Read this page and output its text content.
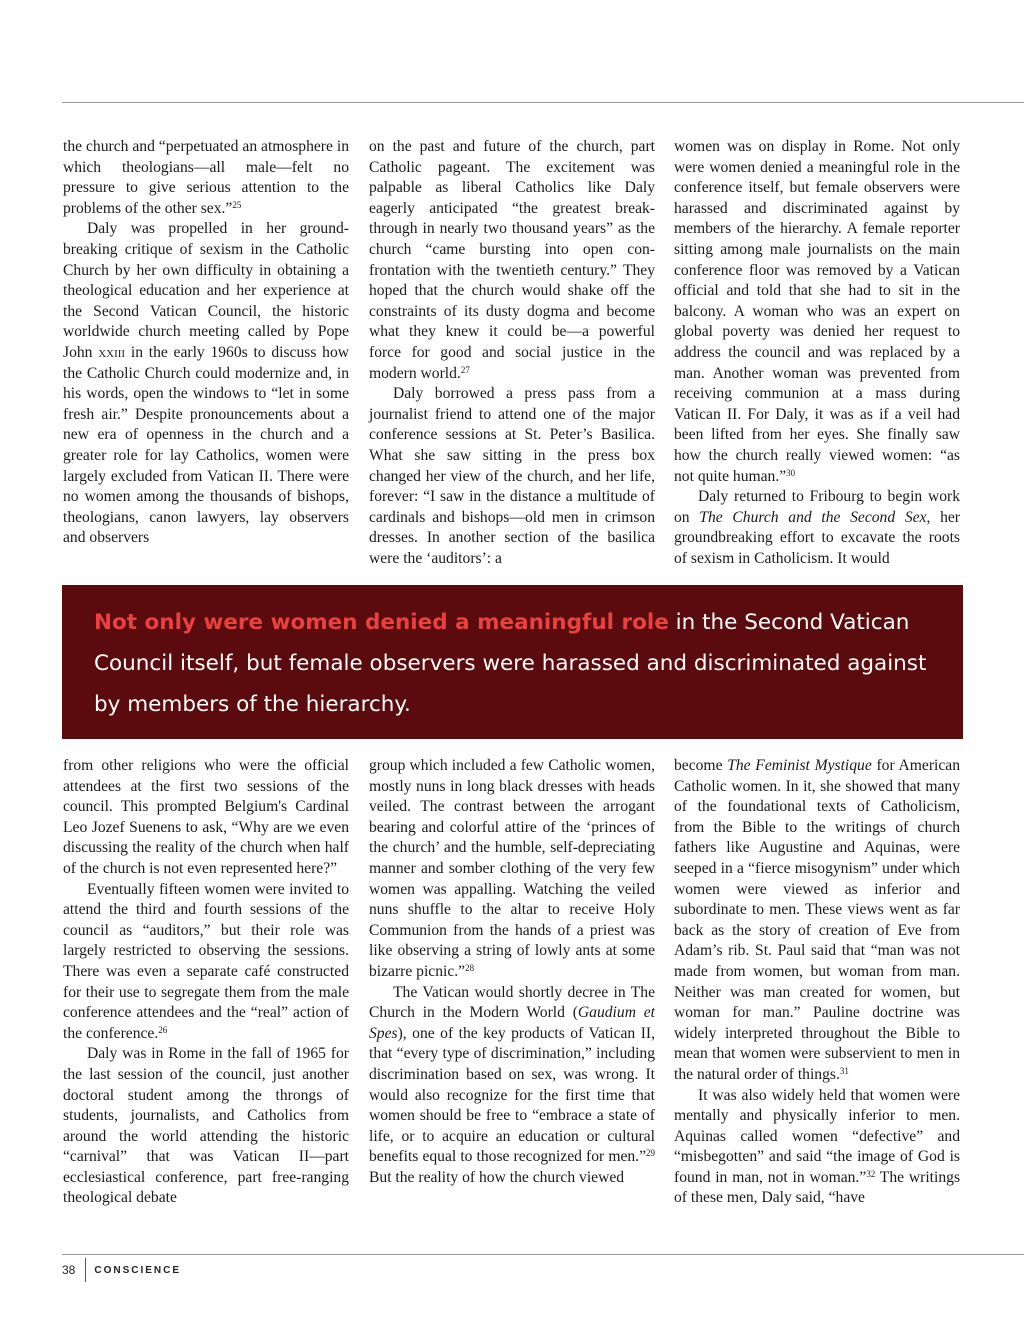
the church and “perpetuated an atmosphere in which theologians—all male—felt no pressure to give serious attention to the problems of the other sex.”$^{25}$

Daly was propelled in her groundbreaking critique of sexism in the Catholic Church by her own difficulty in obtaining a theological education and her experience at the Second Vatican Council, the historic worldwide church meeting called by Pope John xxiii in the early 1960s to discuss how the Catholic Church could modernize and, in his words, open the windows to “let in some fresh air.” Despite pronouncements about a new era of openness in the church and a greater role for lay Catholics, women were largely excluded from Vatican II. There were no women among the thousands of bishops, theologians, canon lawyers, lay observers and observers

on the past and future of the church, part Catholic pageant. The excitement was palpable as liberal Catholics like Daly eagerly anticipated “the greatest breakthrough in nearly two thousand years” as the church “came bursting into open confrontation with the twentieth century.” They hoped that the church would shake off the constraints of its dusty dogma and become what they knew it could be—a powerful force for good and social justice in the modern world.$^{27}$

Daly borrowed a press pass from a journalist friend to attend one of the major conference sessions at St. Peter’s Basilica. What she saw sitting in the press box changed her view of the church, and her life, forever: “I saw in the distance a multitude of cardinals and bishops—old men in crimson dresses. In another section of the basilica were the ‘auditors’: a

women was on display in Rome. Not only were women denied a meaningful role in the conference itself, but female observers were harassed and discriminated against by members of the hierarchy. A female reporter sitting among male journalists on the main conference floor was removed by a Vatican official and told that she had to sit in the balcony. A woman who was an expert on global poverty was denied her request to address the council and was replaced by a man. Another woman was prevented from receiving communion at a mass during Vatican II. For Daly, it was as if a veil had been lifted from her eyes. She finally saw how the church really viewed women: “as not quite human.”$^{30}$

Daly returned to Fribourg to begin work on The Church and the Second Sex, her groundbreaking effort to excavate the roots of sexism in Catholicism. It would

Not only were women denied a meaningful role in the Second Vatican Council itself, but female observers were harassed and discriminated against by members of the hierarchy.

from other religions who were the official attendees at the first two sessions of the council. This prompted Belgium's Cardinal Leo Jozef Suenens to ask, “Why are we even discussing the reality of the church when half of the church is not even represented here?”

Eventually fifteen women were invited to attend the third and fourth sessions of the council as “auditors,” but their role was largely restricted to observing the sessions. There was even a separate café constructed for their use to segregate them from the male conference attendees and the “real” action of the conference.$^{26}$

Daly was in Rome in the fall of 1965 for the last session of the council, just another doctoral student among the throngs of students, journalists, and Catholics from around the world attending the historic “carnival” that was Vatican II—part ecclesiastical conference, part free-ranging theological debate

group which included a few Catholic women, mostly nuns in long black dresses with heads veiled. The contrast between the arrogant bearing and colorful attire of the ‘princes of the church’ and the humble, self-depreciating manner and somber clothing of the very few women was appalling. Watching the veiled nuns shuffle to the altar to receive Holy Communion from the hands of a priest was like observing a string of lowly ants at some bizarre picnic.”$^{28}$

The Vatican would shortly decree in The Church in the Modern World (Gaudium et Spes), one of the key products of Vatican II, that “every type of discrimination,” including discrimination based on sex, was wrong. It would also recognize for the first time that women should be free to “embrace a state of life, or to acquire an education or cultural benefits equal to those recognized for men.”$^{29}$ But the reality of how the church viewed

become The Feminist Mystique for American Catholic women. In it, she showed that many of the foundational texts of Catholicism, from the Bible to the writings of church fathers like Augustine and Aquinas, were seeped in a “fierce misogynism” under which women were viewed as inferior and subordinate to men. These views went as far back as the story of creation of Eve from Adam’s rib. St. Paul said that “man was not made from women, but woman from man. Neither was man created for women, but woman for man.” Pauline doctrine was widely interpreted throughout the Bible to mean that women were subservient to men in the natural order of things.$^{31}$

It was also widely held that women were mentally and physically inferior to men. Aquinas called women “defective” and “misbegotten” and said “the image of God is found in man, not in woman.”$^{32}$ The writings of these men, Daly said, “have

38	CONSCIENCE
